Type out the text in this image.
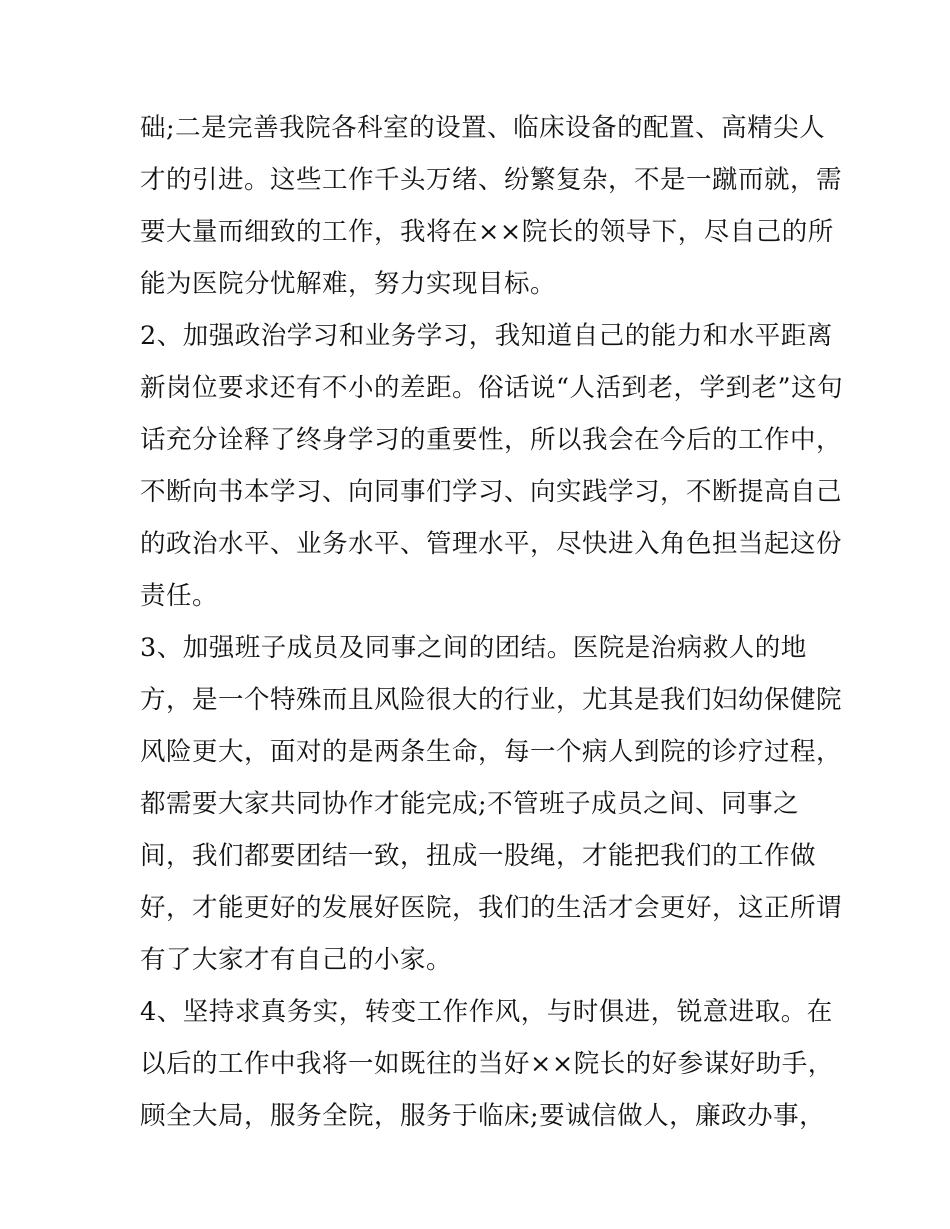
础;二是完善我院各科室的设置、临床设备的配置、高精尖人
才的引进。这些工作千头万绪、纷繁复杂，不是一蹴而就，需
要大量而细致的工作，我将在××院长的领导下，尽自己的所
能为医院分忧解难，努力实现目标。
2、加强政治学习和业务学习，我知道自己的能力和水平距离
新岗位要求还有不小的差距。俗话说“人活到老，学到老”这句
话充分诠释了终身学习的重要性，所以我会在今后的工作中，
不断向书本学习、向同事们学习、向实践学习，不断提高自己
的政治水平、业务水平、管理水平，尽快进入角色担当起这份
责任。
3、加强班子成员及同事之间的团结。医院是治病救人的地
方，是一个特殊而且风险很大的行业，尤其是我们妇幼保健院
风险更大，面对的是两条生命，每一个病人到院的诊疗过程，
都需要大家共同协作才能完成;不管班子成员之间、同事之
间，我们都要团结一致，扭成一股绳，才能把我们的工作做
好，才能更好的发展好医院，我们的生活才会更好，这正所谓
有了大家才有自己的小家。
4、坚持求真务实，转变工作作风，与时俱进，锐意进取。在
以后的工作中我将一如既往的当好××院长的好参谋好助手，
顾全大局，服务全院，服务于临床;要诚信做人，廉政办事，
